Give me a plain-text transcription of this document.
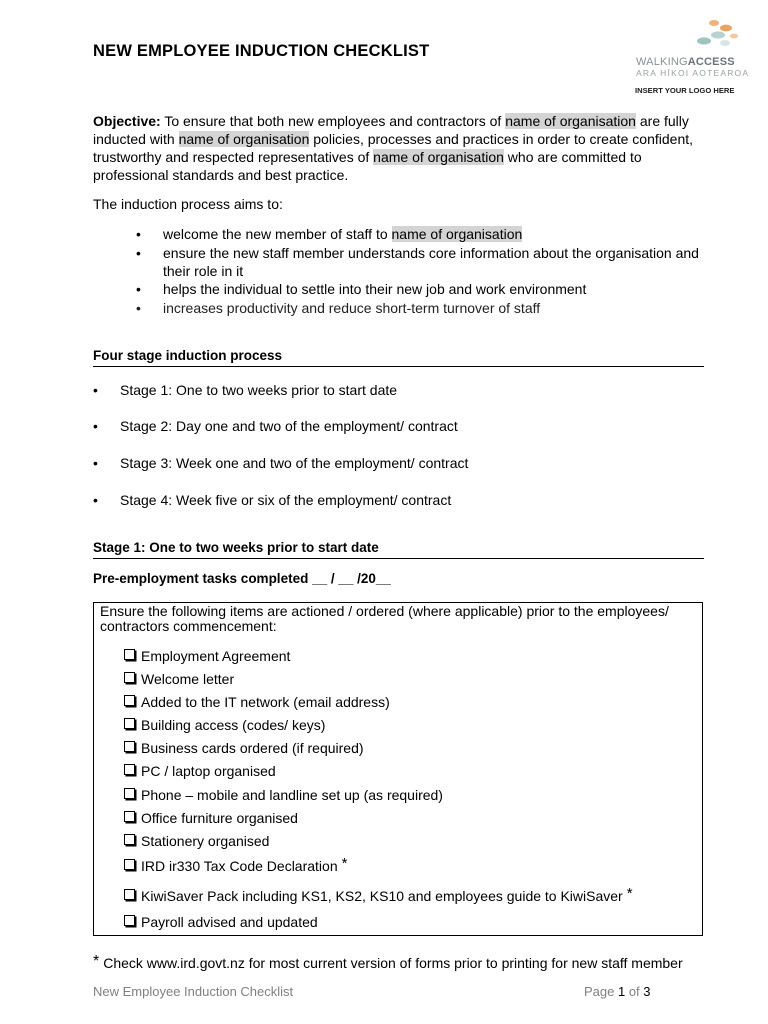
NEW EMPLOYEE INDUCTION CHECKLIST
WALKINGACCESS
ARA HĪKOI AOTEAROA
INSERT YOUR LOGO HERE
Objective: To ensure that both new employees and contractors of name of organisation are fully inducted with name of organisation policies, processes and practices in order to create confident, trustworthy and respected representatives of name of organisation who are committed to professional standards and best practice.
The induction process aims to:
• welcome the new member of staff to name of organisation
• ensure the new staff member understands core information about the organisation and their role in it
• helps the individual to settle into their new job and work environment
• increases productivity and reduce short-term turnover of staff
Four stage induction process
• Stage 1: One to two weeks prior to start date
• Stage 2: Day one and two of the employment/ contract
• Stage 3: Week one and two of the employment/ contract
• Stage 4: Week five or six of the employment/ contract
Stage 1: One to two weeks prior to start date
Pre-employment tasks completed __ / __ /20__
Ensure the following items are actioned / ordered (where applicable) prior to the employees/ contractors commencement:
Employment Agreement
Welcome letter
Added to the IT network (email address)
Building access (codes/ keys)
Business cards ordered (if required)
PC / laptop organised
Phone – mobile and landline set up (as required)
Office furniture organised
Stationery organised
IRD ir330 Tax Code Declaration *
KiwiSaver Pack including KS1, KS2, KS10 and employees guide to KiwiSaver *
Payroll advised and updated
* Check www.ird.govt.nz for most current version of forms prior to printing for new staff member
New Employee Induction Checklist	Page 1 of 3
